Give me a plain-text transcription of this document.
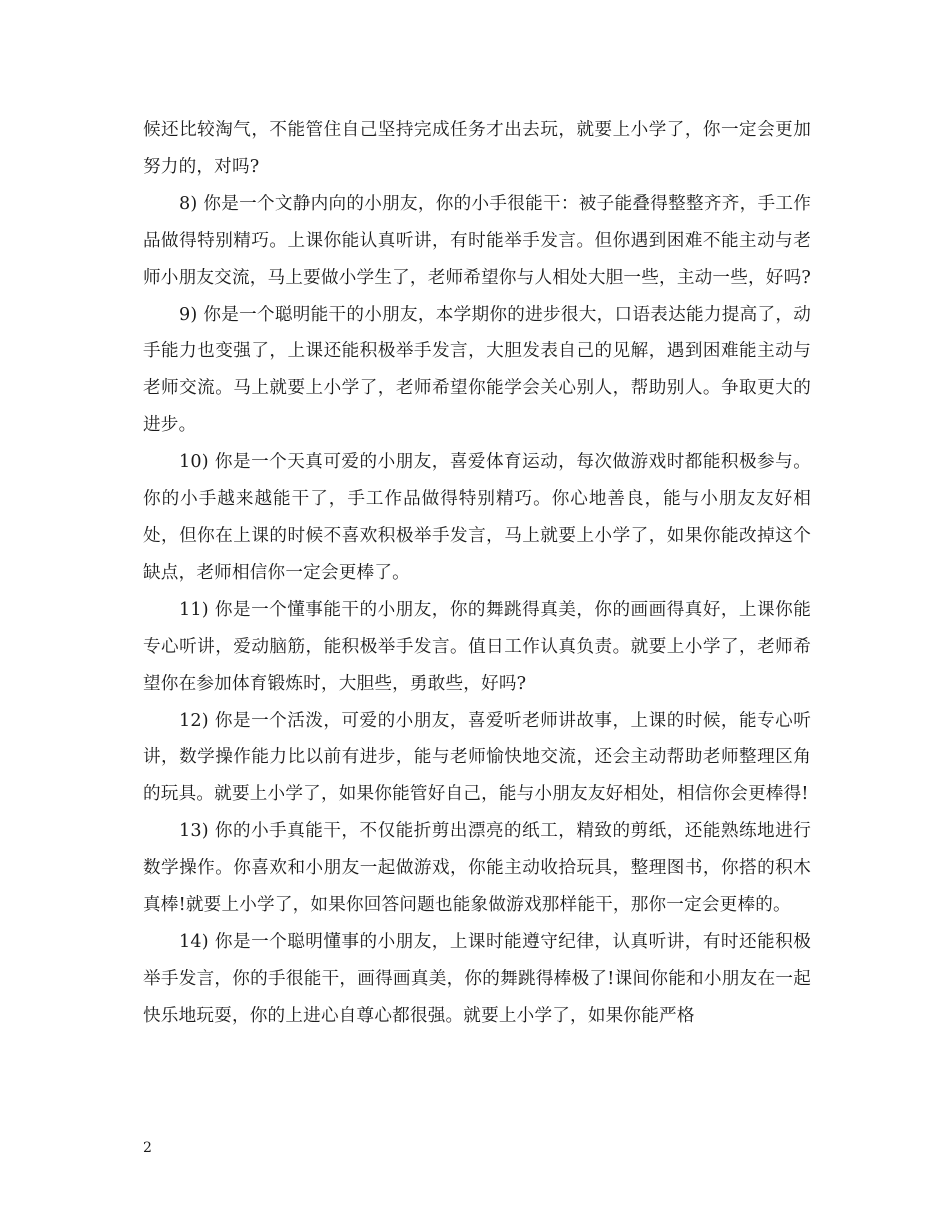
候还比较淘气，不能管住自己坚持完成任务才出去玩，就要上小学了，你一定会更加努力的，对吗?

8) 你是一个文静内向的小朋友，你的小手很能干：被子能叠得整整齐齐，手工作品做得特别精巧。上课你能认真听讲，有时能举手发言。但你遇到困难不能主动与老师小朋友交流，马上要做小学生了，老师希望你与人相处大胆一些，主动一些，好吗?

9) 你是一个聪明能干的小朋友，本学期你的进步很大，口语表达能力提高了，动手能力也变强了，上课还能积极举手发言，大胆发表自己的见解，遇到困难能主动与老师交流。马上就要上小学了，老师希望你能学会关心别人，帮助别人。争取更大的进步。

10) 你是一个天真可爱的小朋友，喜爱体育运动，每次做游戏时都能积极参与。你的小手越来越能干了，手工作品做得特别精巧。你心地善良，能与小朋友友好相处，但你在上课的时候不喜欢积极举手发言，马上就要上小学了，如果你能改掉这个缺点，老师相信你一定会更棒了。

11) 你是一个懂事能干的小朋友，你的舞跳得真美，你的画画得真好，上课你能专心听讲，爱动脑筋，能积极举手发言。值日工作认真负责。就要上小学了，老师希望你在参加体育锻炼时，大胆些，勇敢些，好吗?

12) 你是一个活泼，可爱的小朋友，喜爱听老师讲故事，上课的时候，能专心听讲，数学操作能力比以前有进步，能与老师愉快地交流，还会主动帮助老师整理区角的玩具。就要上小学了，如果你能管好自己，能与小朋友友好相处，相信你会更棒得!

13) 你的小手真能干，不仅能折剪出漂亮的纸工，精致的剪纸，还能熟练地进行数学操作。你喜欢和小朋友一起做游戏，你能主动收拾玩具，整理图书，你搭的积木真棒!就要上小学了，如果你回答问题也能象做游戏那样能干，那你一定会更棒的。

14) 你是一个聪明懂事的小朋友，上课时能遵守纪律，认真听讲，有时还能积极举手发言，你的手很能干，画得画真美，你的舞跳得棒极了!课间你能和小朋友在一起快乐地玩耍，你的上进心自尊心都很强。就要上小学了，如果你能严格

2
